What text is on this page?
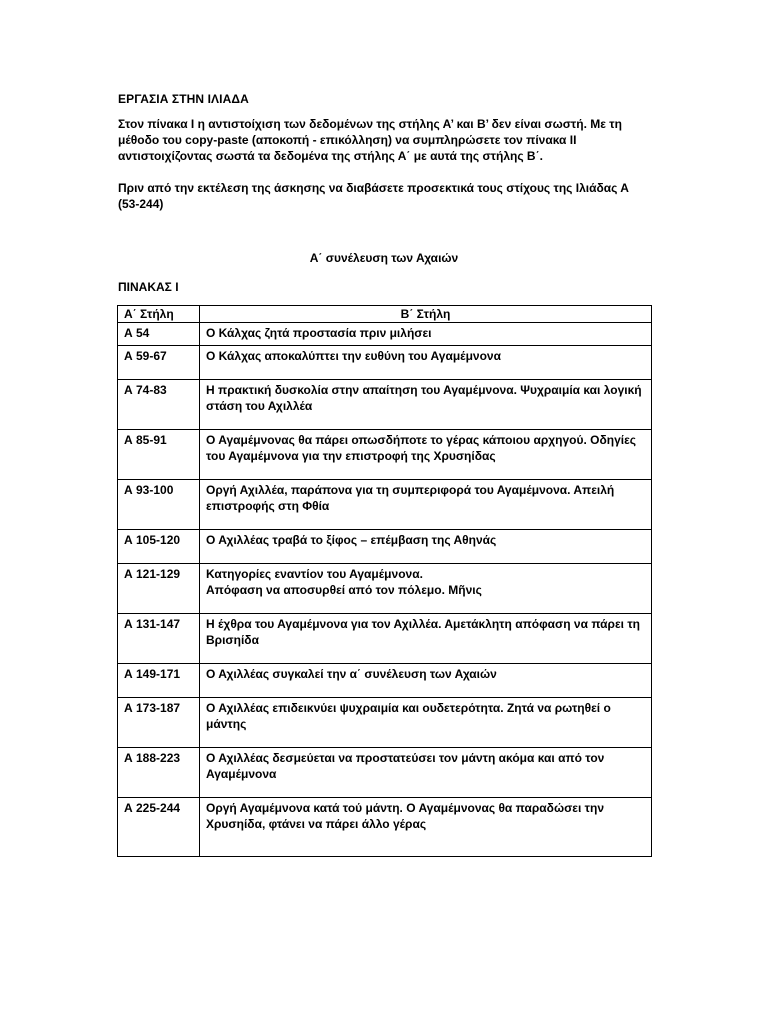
ΕΡΓΑΣΙΑ ΣΤΗΝ ΙΛΙΑΔΑ
Στον πίνακα Ι η αντιστοίχιση των δεδομένων της στήλης Α’ και Β’ δεν είναι σωστή. Με τη μέθοδο του copy-paste (αποκοπή - επικόλληση) να συμπληρώσετε τον πίνακα ΙΙ αντιστοιχίζοντας σωστά τα δεδομένα της στήλης Α΄ με αυτά της στήλης Β΄.
Πριν από την εκτέλεση της άσκησης να διαβάσετε προσεκτικά τους στίχους της Ιλιάδας Α (53-244)
Α΄ συνέλευση των Αχαιών
ΠΙΝΑΚΑΣ Ι
Α΄ Στήλη	Β΄ Στήλη
Α 54	Ο Κάλχας ζητά προστασία πριν μιλήσει
Α 59-67	Ο Κάλχας αποκαλύπτει την ευθύνη του Αγαμέμνονα
Α 74-83	Η πρακτική δυσκολία στην απαίτηση του Αγαμέμνονα. Ψυχραιμία και λογική στάση του Αχιλλέα
Α 85-91	Ο Αγαμέμνονας θα πάρει οπωσδήποτε το γέρας κάποιου αρχηγού. Οδηγίες του Αγαμέμνονα για την επιστροφή της Χρυσηίδας
Α 93-100	Οργή Αχιλλέα, παράπονα για τη συμπεριφορά του Αγαμέμνονα. Απειλή επιστροφής στη Φθία
Α 105-120	Ο Αχιλλέας τραβά το ξίφος – επέμβαση της Αθηνάς
Α 121-129	Κατηγορίες εναντίον του Αγαμέμνονα.
Απόφαση να αποσυρθεί από τον πόλεμο. Μῆνις
Α 131-147	Η έχθρα του Αγαμέμνονα για τον Αχιλλέα. Αμετάκλητη απόφαση να πάρει τη Βρισηίδα
Α 149-171	Ο Αχιλλέας συγκαλεί την α΄ συνέλευση των Αχαιών
Α 173-187	Ο Αχιλλέας επιδεικνύει ψυχραιμία και ουδετερότητα. Ζητά να ρωτηθεί ο μάντης
Α 188-223	Ο Αχιλλέας δεσμεύεται να προστατεύσει τον μάντη ακόμα και από τον Αγαμέμνονα
Α 225-244	Οργή Αγαμέμνονα κατά τού μάντη. Ο Αγαμέμνονας θα παραδώσει την Χρυσηίδα, φτάνει να πάρει άλλο γέρας
